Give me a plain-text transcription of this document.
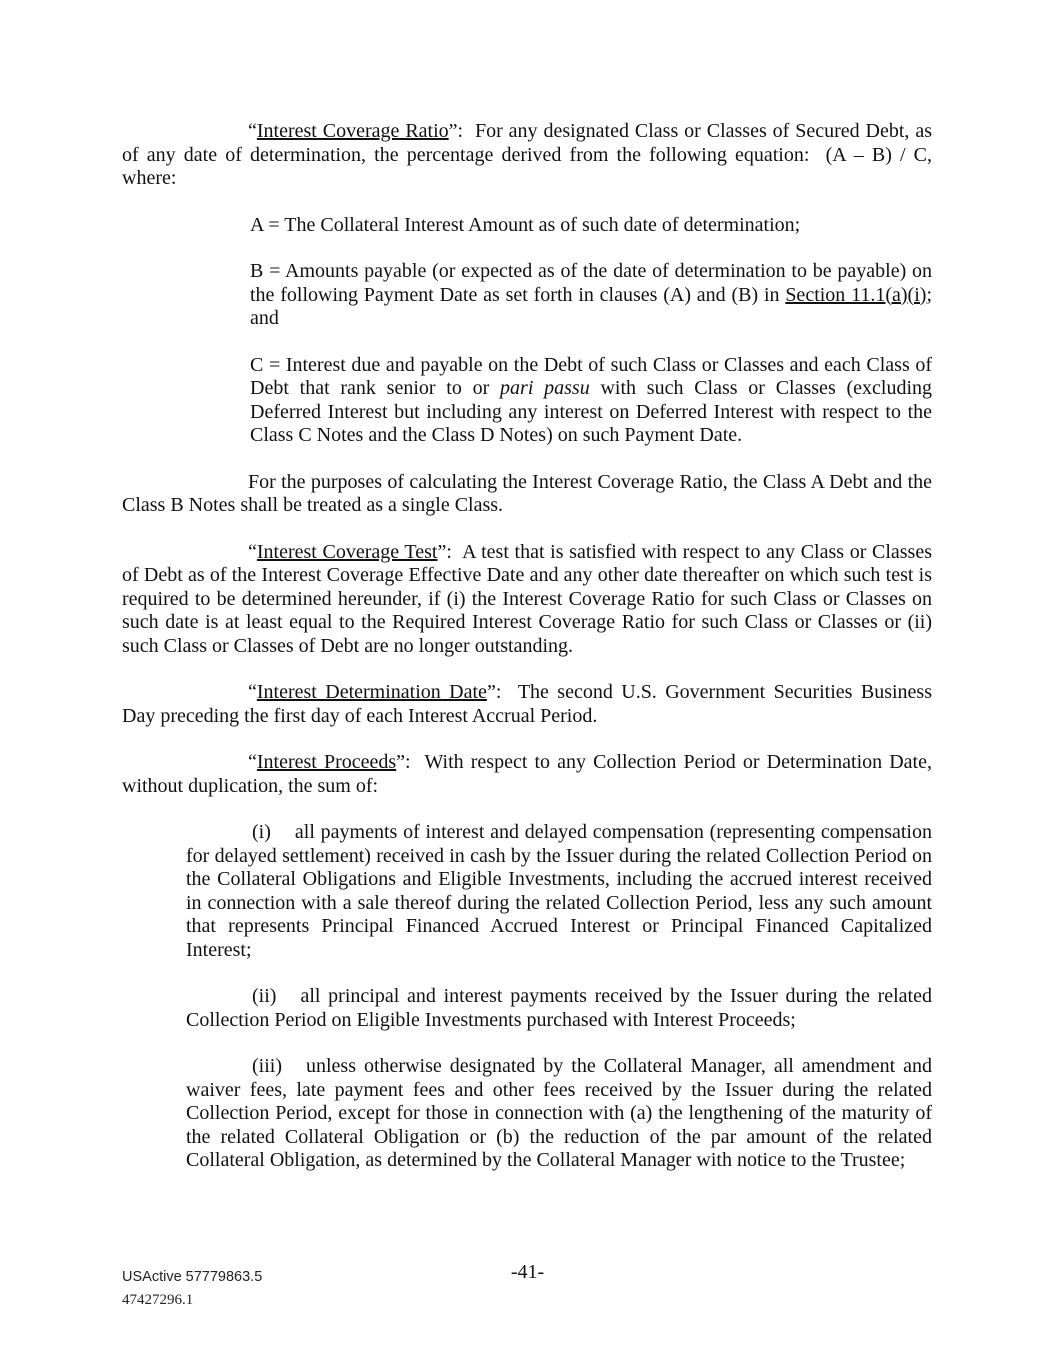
“Interest Coverage Ratio”:  For any designated Class or Classes of Secured Debt, as of any date of determination, the percentage derived from the following equation:  (A – B) / C, where:

A = The Collateral Interest Amount as of such date of determination;

B = Amounts payable (or expected as of the date of determination to be payable) on the following Payment Date as set forth in clauses (A) and (B) in Section 11.1(a)(i); and

C = Interest due and payable on the Debt of such Class or Classes and each Class of Debt that rank senior to or pari passu with such Class or Classes (excluding Deferred Interest but including any interest on Deferred Interest with respect to the Class C Notes and the Class D Notes) on such Payment Date.

For the purposes of calculating the Interest Coverage Ratio, the Class A Debt and the Class B Notes shall be treated as a single Class.

“Interest Coverage Test”:  A test that is satisfied with respect to any Class or Classes of Debt as of the Interest Coverage Effective Date and any other date thereafter on which such test is required to be determined hereunder, if (i) the Interest Coverage Ratio for such Class or Classes on such date is at least equal to the Required Interest Coverage Ratio for such Class or Classes or (ii) such Class or Classes of Debt are no longer outstanding.

“Interest Determination Date”:  The second U.S. Government Securities Business Day preceding the first day of each Interest Accrual Period.

“Interest Proceeds”:  With respect to any Collection Period or Determination Date, without duplication, the sum of:

(i) all payments of interest and delayed compensation (representing compensation for delayed settlement) received in cash by the Issuer during the related Collection Period on the Collateral Obligations and Eligible Investments, including the accrued interest received in connection with a sale thereof during the related Collection Period, less any such amount that represents Principal Financed Accrued Interest or Principal Financed Capitalized Interest;

(ii) all principal and interest payments received by the Issuer during the related Collection Period on Eligible Investments purchased with Interest Proceeds;

(iii) unless otherwise designated by the Collateral Manager, all amendment and waiver fees, late payment fees and other fees received by the Issuer during the related Collection Period, except for those in connection with (a) the lengthening of the maturity of the related Collateral Obligation or (b) the reduction of the par amount of the related Collateral Obligation, as determined by the Collateral Manager with notice to the Trustee;

-41-
USActive 57779863.5
47427296.1
